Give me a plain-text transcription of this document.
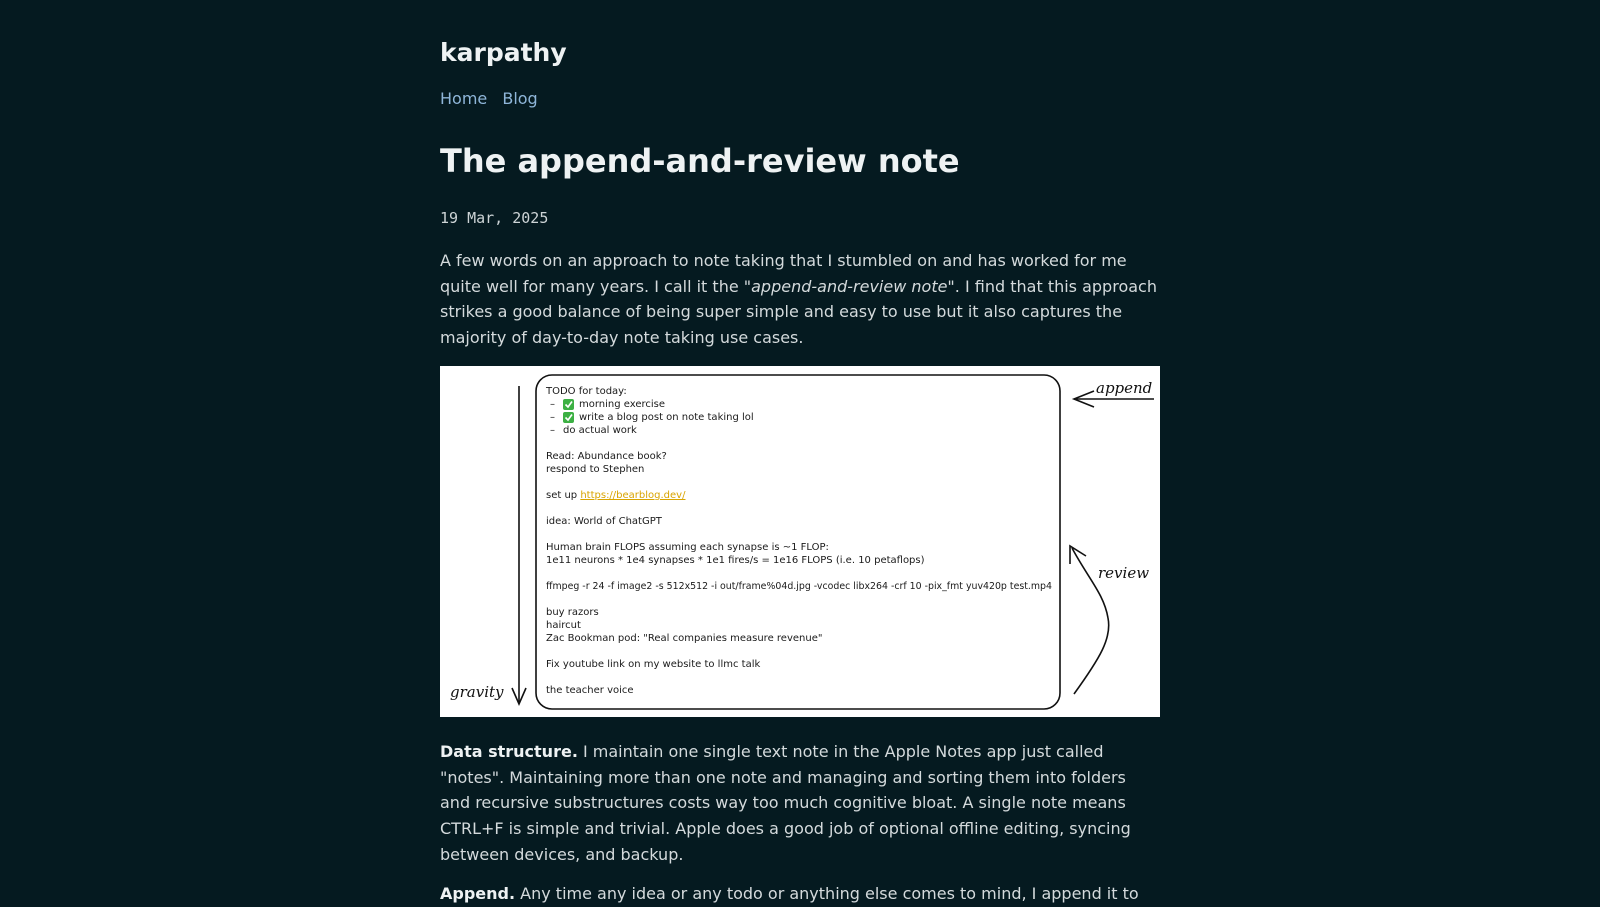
karpathy
Home Blog
The append-and-review note
19 Mar, 2025

A few words on an approach to note taking that I stumbled on and has worked for me quite well for many years. I call it the "append-and-review note". I find that this approach strikes a good balance of being super simple and easy to use but it also captures the majority of day-to-day note taking use cases.

gravity
append
review
TODO for today:
– morning exercise
– write a blog post on note taking lol
– do actual work
Read: Abundance book?
respond to Stephen
set up https://bearblog.dev/
idea: World of ChatGPT
Human brain FLOPS assuming each synapse is ~1 FLOP:
1e11 neurons * 1e4 synapses * 1e1 fires/s = 1e16 FLOPS (i.e. 10 petaflops)
ffmpeg -r 24 -f image2 -s 512x512 -i out/frame%04d.jpg -vcodec libx264 -crf 10 -pix_fmt yuv420p test.mp4
buy razors
haircut
Zac Bookman pod: "Real companies measure revenue"
Fix youtube link on my website to llmc talk
the teacher voice

Data structure. I maintain one single text note in the Apple Notes app just called "notes". Maintaining more than one note and managing and sorting them into folders and recursive substructures costs way too much cognitive bloat. A single note means CTRL+F is simple and trivial. Apple does a good job of optional offline editing, syncing between devices, and backup.

Append. Any time any idea or any todo or anything else comes to mind, I append it to
